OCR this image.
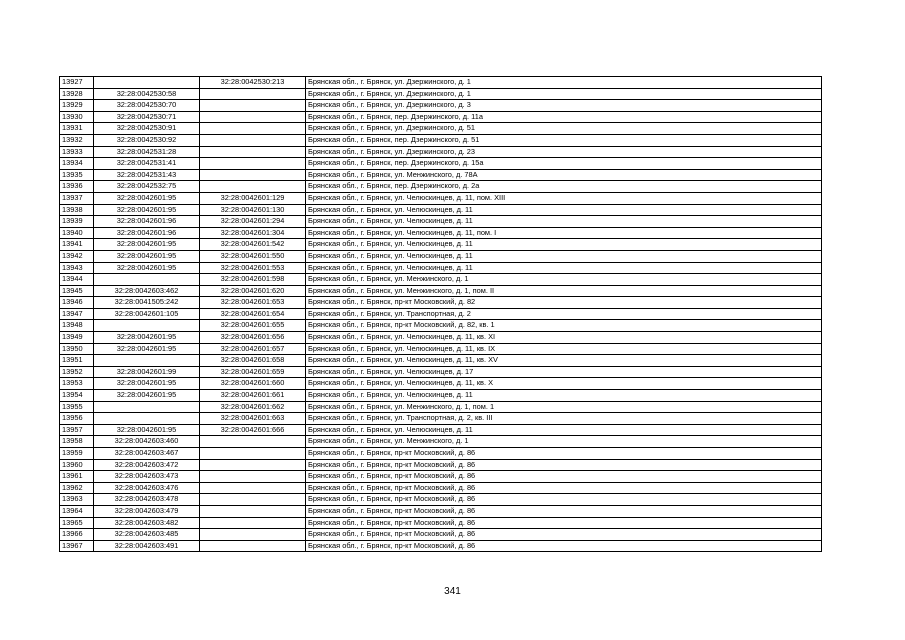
13927		32:28:0042530:213	Брянская обл., г. Брянск, ул. Дзержинского, д. 1
13928	32:28:0042530:58		Брянская обл., г. Брянск, ул. Дзержинского, д. 1
13929	32:28:0042530:70		Брянская обл., г. Брянск, ул. Дзержинского, д. 3
13930	32:28:0042530:71		Брянская обл., г. Брянск, пер. Дзержинского, д. 11а
13931	32:28:0042530:91		Брянская обл., г. Брянск, ул. Дзержинского, д. 51
13932	32:28:0042530:92		Брянская обл., г. Брянск, пер. Дзержинского, д. 51
13933	32:28:0042531:28		Брянская обл., г. Брянск, ул. Дзержинского, д. 23
13934	32:28:0042531:41		Брянская обл., г. Брянск, пер. Дзержинского, д. 15а
13935	32:28:0042531:43		Брянская обл., г. Брянск, ул. Менжинского, д. 78А
13936	32:28:0042532:75		Брянская обл., г. Брянск, пер. Дзержинского, д. 2а
13937	32:28:0042601:95	32:28:0042601:129	Брянская обл., г. Брянск, ул. Челюскинцев, д. 11, пом. XIII
13938	32:28:0042601:95	32:28:0042601:130	Брянская обл., г. Брянск, ул. Челюскинцев, д. 11
13939	32:28:0042601:96	32:28:0042601:294	Брянская обл., г. Брянск, ул. Челюскинцев, д. 11
13940	32:28:0042601:96	32:28:0042601:304	Брянская обл., г. Брянск, ул. Челюскинцев, д. 11, пом. I
13941	32:28:0042601:95	32:28:0042601:542	Брянская обл., г. Брянск, ул. Челюскинцев, д. 11
13942	32:28:0042601:95	32:28:0042601:550	Брянская обл., г. Брянск, ул. Челюскинцев, д. 11
13943	32:28:0042601:95	32:28:0042601:553	Брянская обл., г. Брянск, ул. Челюскинцев, д. 11
13944		32:28:0042601:598	Брянская обл., г. Брянск, ул. Менжинского, д. 1
13945	32:28:0042603:462	32:28:0042601:620	Брянская обл., г. Брянск, ул. Менжинского, д. 1, пом. II
13946	32:28:0041505:242	32:28:0042601:653	Брянская обл., г. Брянск, пр-кт Московский, д. 82
13947	32:28:0042601:105	32:28:0042601:654	Брянская обл., г. Брянск, ул. Транспортная, д. 2
13948		32:28:0042601:655	Брянская обл., г. Брянск, пр-кт Московский, д. 82, кв. 1
13949	32:28:0042601:95	32:28:0042601:656	Брянская обл., г. Брянск, ул. Челюскинцев, д. 11, кв. XI
13950	32:28:0042601:95	32:28:0042601:657	Брянская обл., г. Брянск, ул. Челюскинцев, д. 11, кв. IX
13951		32:28:0042601:658	Брянская обл., г. Брянск, ул. Челюскинцев, д. 11, кв. XV
13952	32:28:0042601:99	32:28:0042601:659	Брянская обл., г. Брянск, ул. Челюскинцев, д. 17
13953	32:28:0042601:95	32:28:0042601:660	Брянская обл., г. Брянск, ул. Челюскинцев, д. 11, кв. X
13954	32:28:0042601:95	32:28:0042601:661	Брянская обл., г. Брянск, ул. Челюскинцев, д. 11
13955		32:28:0042601:662	Брянская обл., г. Брянск, ул. Менжинского, д. 1, пом. 1
13956		32:28:0042601:663	Брянская обл., г. Брянск, ул. Транспортная, д. 2, кв. III
13957	32:28:0042601:95	32:28:0042601:666	Брянская обл., г. Брянск, ул. Челюскинцев, д. 11
13958	32:28:0042603:460		Брянская обл., г. Брянск, ул. Менжинского, д. 1
13959	32:28:0042603:467		Брянская обл., г. Брянск, пр-кт Московский, д. 86
13960	32:28:0042603:472		Брянская обл., г. Брянск, пр-кт Московский, д. 86
13961	32:28:0042603:473		Брянская обл., г. Брянск, пр-кт Московский, д. 86
13962	32:28:0042603:476		Брянская обл., г. Брянск, пр-кт Московский, д. 86
13963	32:28:0042603:478		Брянская обл., г. Брянск, пр-кт Московский, д. 86
13964	32:28:0042603:479		Брянская обл., г. Брянск, пр-кт Московский, д. 86
13965	32:28:0042603:482		Брянская обл., г. Брянск, пр-кт Московский, д. 86
13966	32:28:0042603:485		Брянская обл., г. Брянск, пр-кт Московский, д. 86
13967	32:28:0042603:491		Брянская обл., г. Брянск, пр-кт Московский, д. 86
341
